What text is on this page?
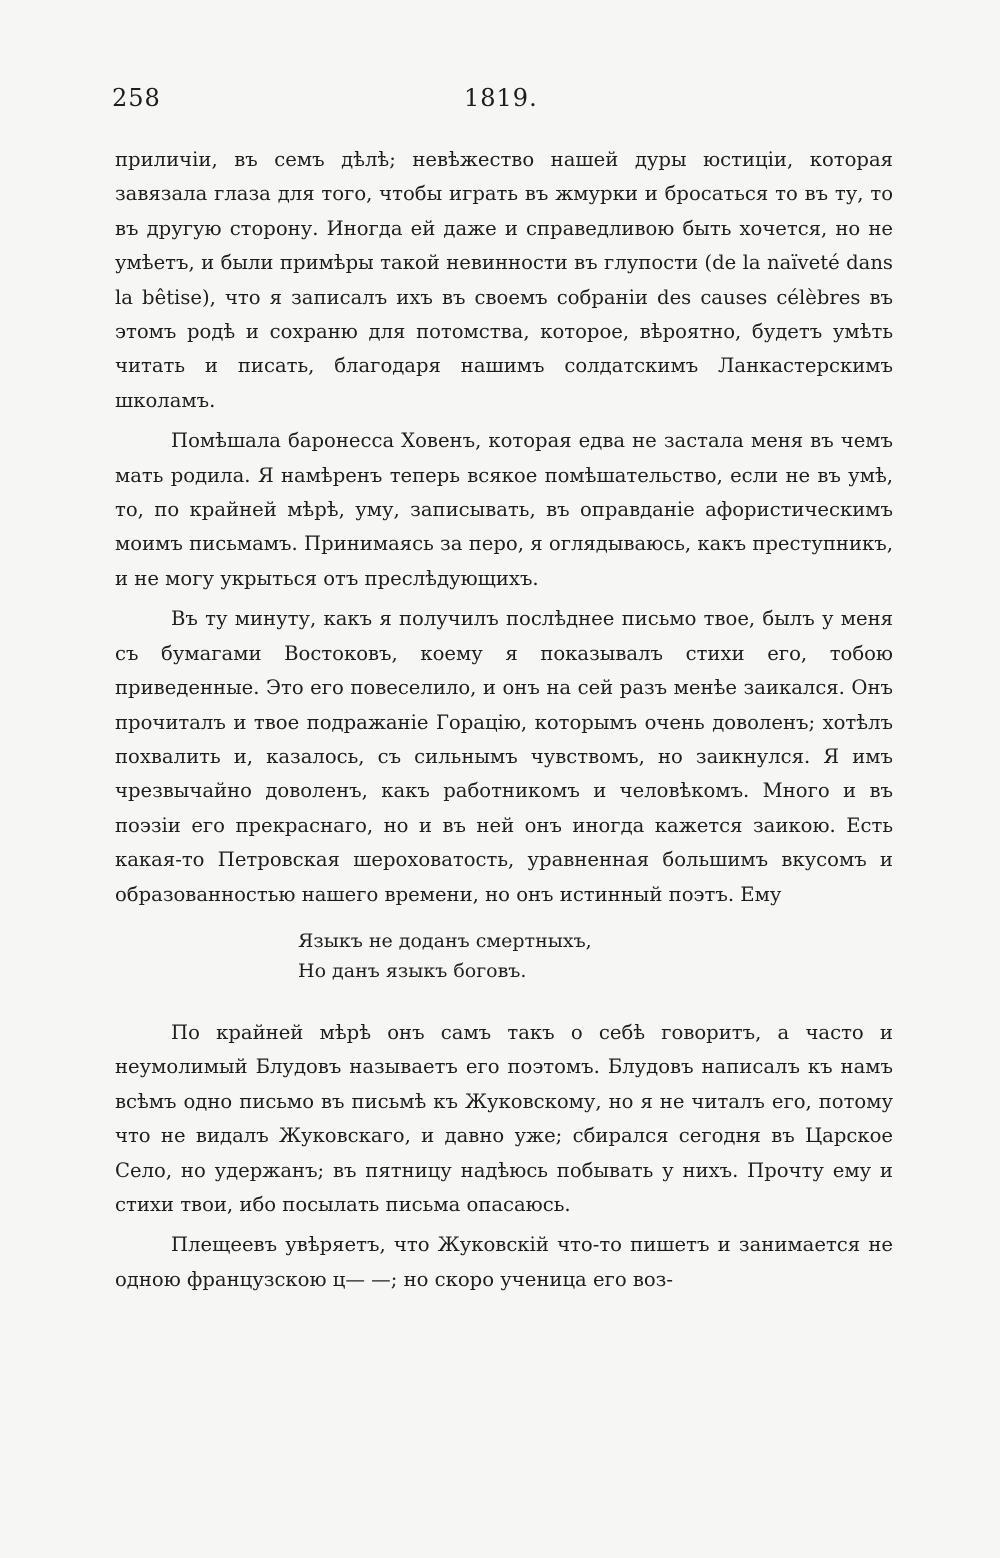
258	1819.

приличiи, въ семъ дѣлѣ; невѣжество нашей дуры юстицiи, которая завязала глаза для того, чтобы играть въ жмурки и бросаться то въ ту, то въ другую сторону. Иногда ей даже и справедливою быть хочется, но не умѣетъ, и были примѣры такой невинности въ глупости (de la naïveté dans la bêtise), что я записалъ ихъ въ своемъ собранiи des causes célèbres въ этомъ родѣ и сохраню для потомства, которое, вѣроятно, будетъ умѣть читать и писать, благодаря нашимъ солдатскимъ Ланкастерскимъ школамъ.

Помѣшала баронесса Ховенъ, которая едва не застала меня въ чемъ мать родила. Я намѣренъ теперь всякое помѣшательство, если не въ умѣ, то, по крайней мѣрѣ, уму, записывать, въ оправданiе афористическимъ моимъ письмамъ. Принимаясь за перо, я оглядываюсь, какъ преступникъ, и не могу укрыться отъ преслѣдующихъ.

Въ ту минуту, какъ я получилъ послѣднее письмо твое, былъ у меня съ бумагами Востоковъ, коему я показывалъ стихи его, тобою приведенные. Это его повеселило, и онъ на сей разъ менѣе заикался. Онъ прочиталъ и твое подражанiе Горацiю, которымъ очень доволенъ; хотѣлъ похвалить и, казалось, съ сильнымъ чувствомъ, но заикнулся. Я имъ чрезвычайно доволенъ, какъ работникомъ и человѣкомъ. Много и въ поэзiи его прекраснаго, но и въ ней онъ иногда кажется заикою. Есть какая-то Петровская шероховатость, уравненная большимъ вкусомъ и образованностью нашего времени, но онъ истинный поэтъ. Ему

Языкъ не доданъ смертныхъ,
Но данъ языкъ боговъ.

По крайней мѣрѣ онъ самъ такъ о себѣ говоритъ, а часто и неумолимый Блудовъ называетъ его поэтомъ. Блудовъ написалъ къ намъ всѣмъ одно письмо въ письмѣ къ Жуковскому, но я не читалъ его, потому что не видалъ Жуковскаго, и давно уже; сбирался сегодня въ Царское Село, но удержанъ; въ пятницу надѣюсь побывать у нихъ. Прочту ему и стихи твои, ибо посылать письма опасаюсь.

Плещеевъ увѣряетъ, что Жуковскiй что-то пишетъ и занимается не одною французскою ц— —; но скоро ученица его воз-
